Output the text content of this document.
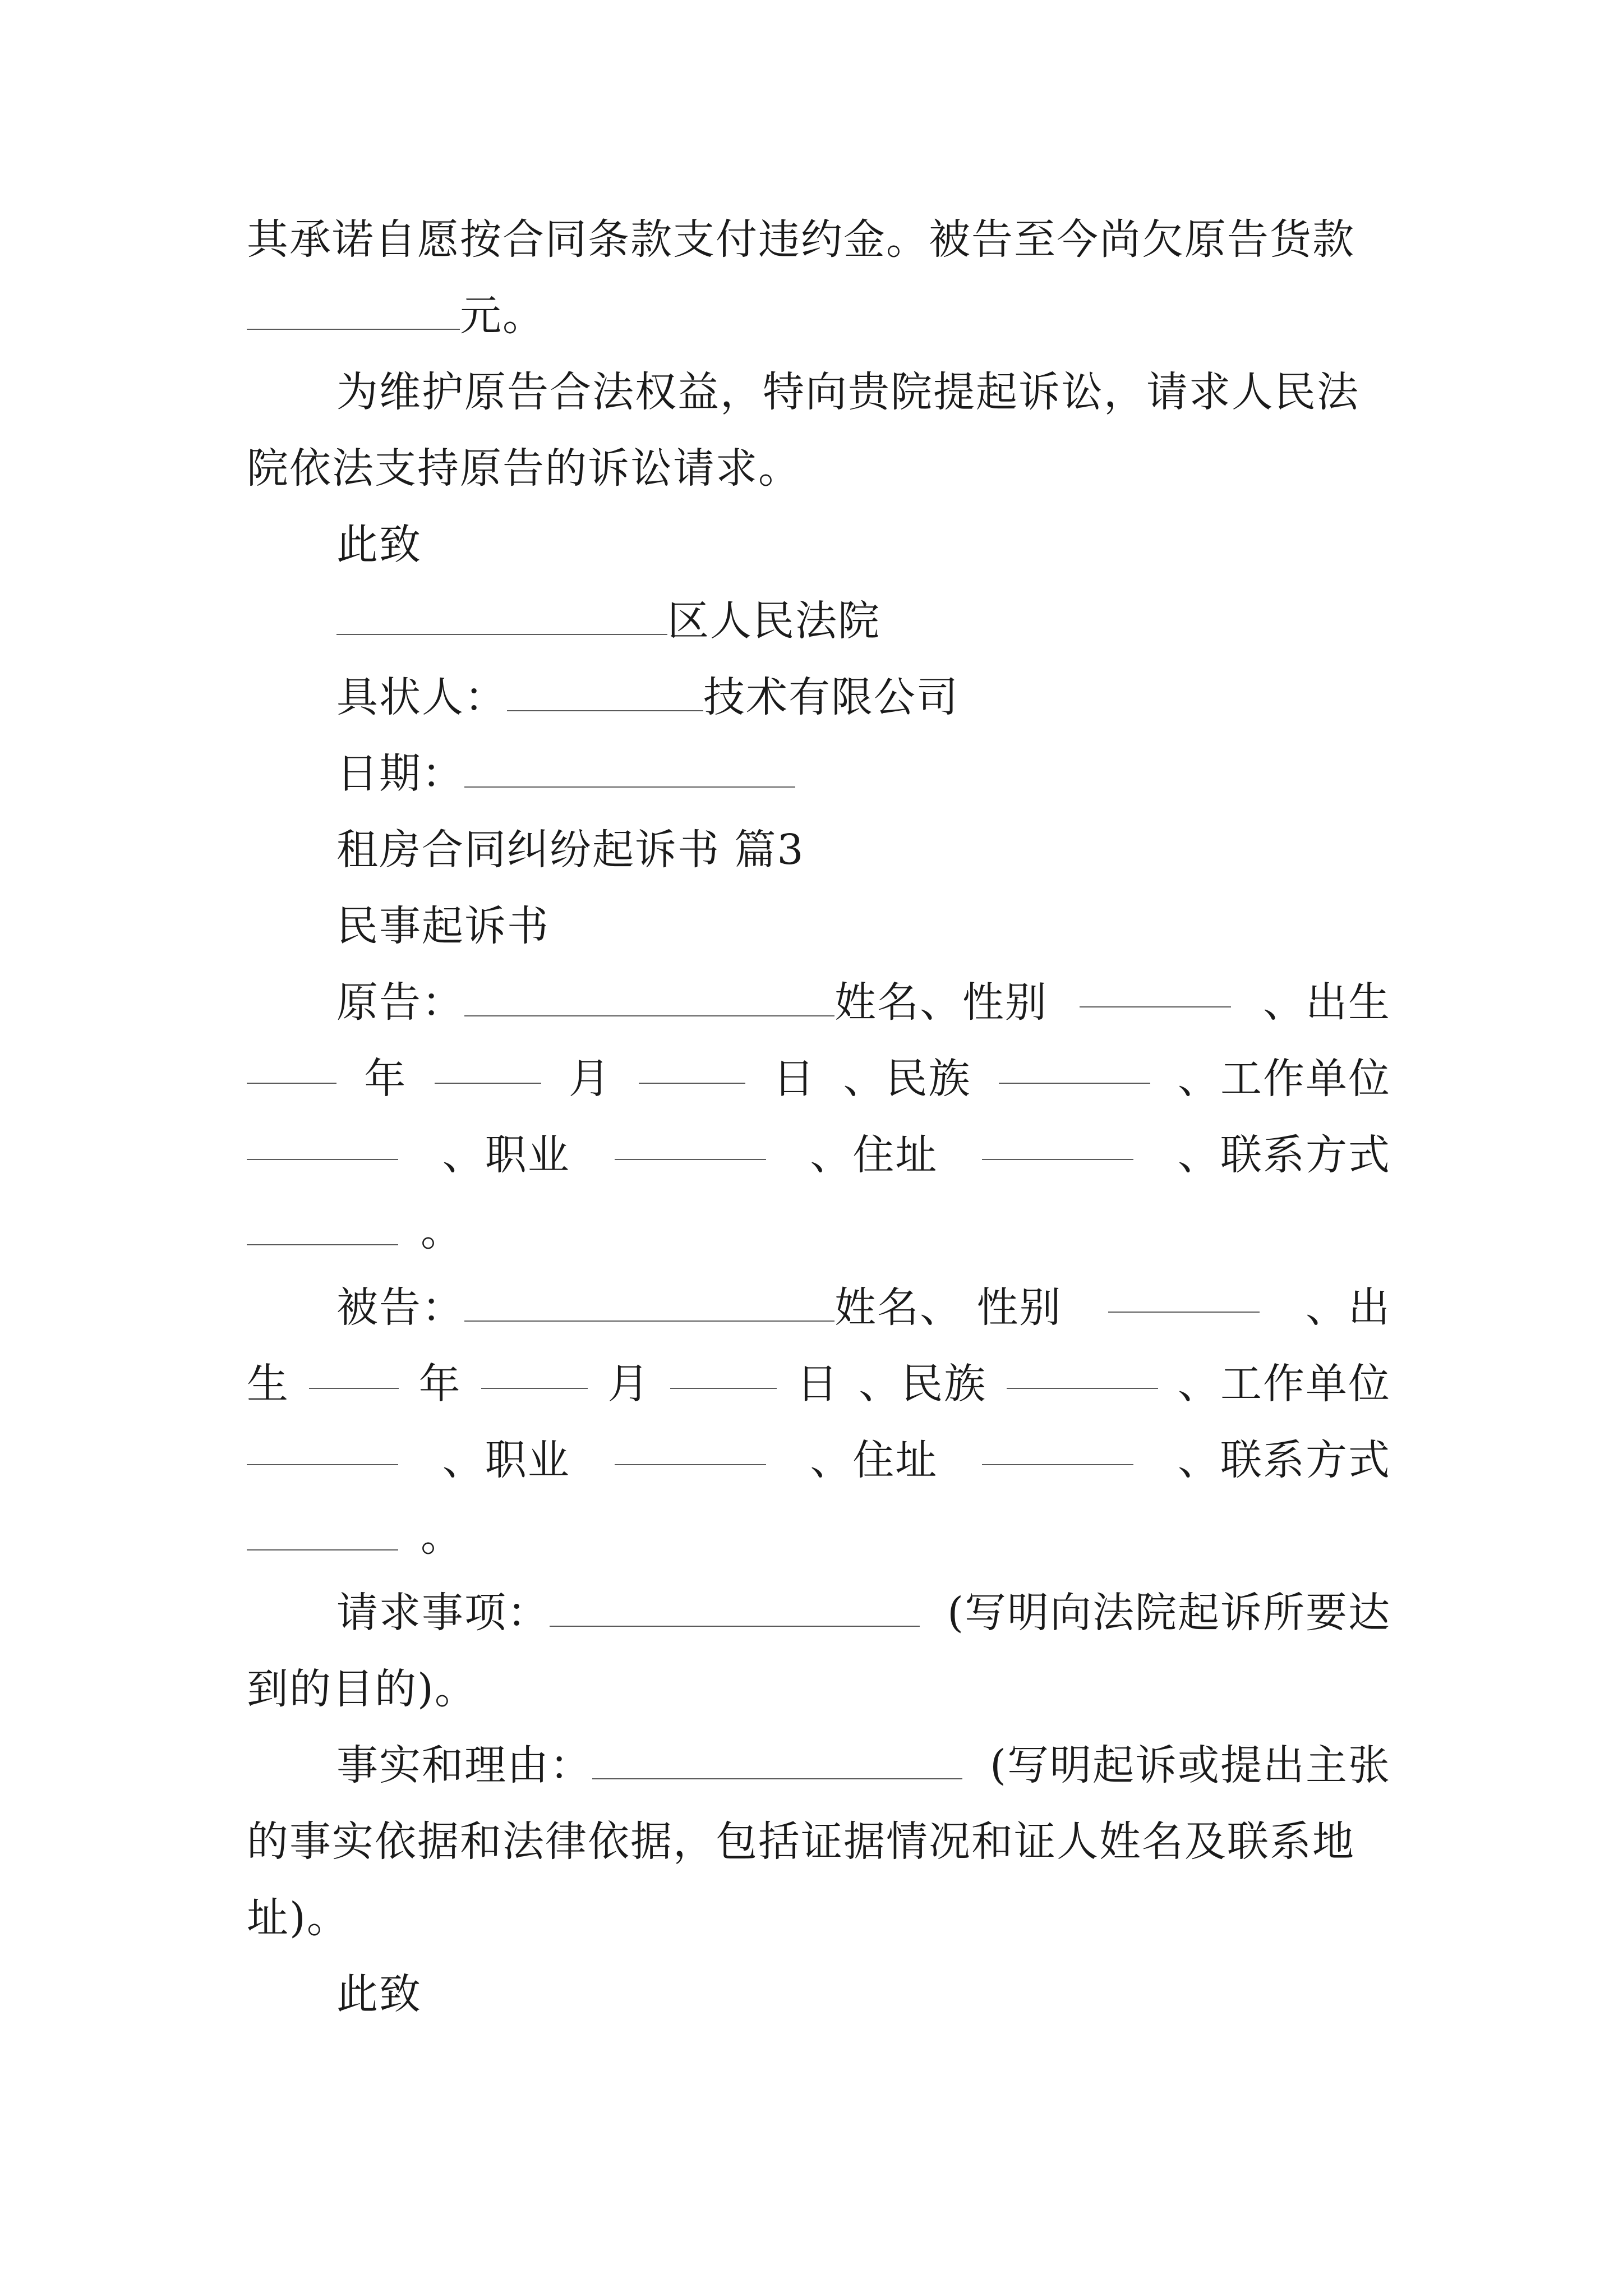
其承诺自愿按合同条款支付违约金。被告至今尚欠原告货款
元。
为维护原告合法权益，特向贵院提起诉讼，请求人民法
院依法支持原告的诉讼请求。
此致
区人民法院
具状人：	技术有限公司
日期：
租房合同纠纷起诉书 篇3
民事起诉书
原告：	姓名、性别	、出生
年	月	日 、民族	、工作单位
、职业	、住址	、联系方式
。
被告：	姓名、 性别	、出
生	年	月	日 、民族	、工作单位
、职业	、住址	、联系方式
。
请求事项：	(写明向法院起诉所要达
到的目的)。
事实和理由：	(写明起诉或提出主张
的事实依据和法律依据，包括证据情况和证人姓名及联系地
址)。
此致
